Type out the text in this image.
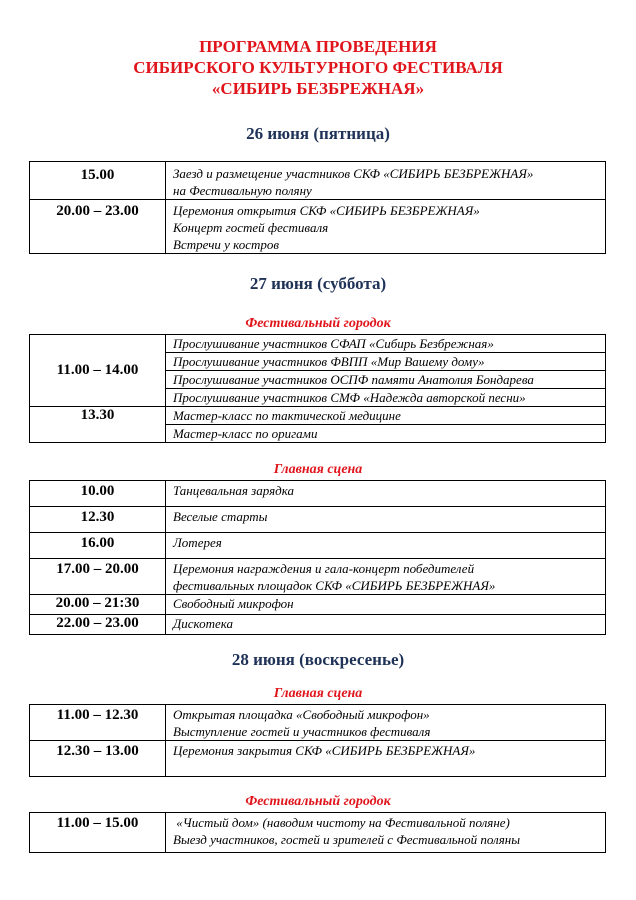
ПРОГРАММА ПРОВЕДЕНИЯ
СИБИРСКОГО КУЛЬТУРНОГО ФЕСТИВАЛЯ
«СИБИРЬ БЕЗБРЕЖНАЯ»
26 июня (пятница)
15.00	Заезд и размещение участников СКФ «СИБИРЬ БЕЗБРЕЖНАЯ»
на Фестивальную поляну

20.00 – 23.00	Церемония открытия СКФ «СИБИРЬ БЕЗБРЕЖНАЯ»
Концерт гостей фестиваля
Встречи у костров
27 июня (суббота)
Фестивальный городок
11.00 – 14.00	Прослушивание участников СФАП «Сибирь Безбрежная»
Прослушивание участников ФВПП «Мир Вашему дому»
Прослушивание участников ОСПФ памяти Анатолия Бондарева
Прослушивание участников СМФ «Надежда авторской песни»

13.30	Мастер-класс по тактической медицине
Мастер-класс по оригами
Главная сцена
10.00	Танцевальная зарядка

12.30	Веселые старты

16.00	Лотерея

17.00 – 20.00	Церемония награждения и гала-концерт победителей
фестивальных площадок СКФ «СИБИРЬ БЕЗБРЕЖНАЯ»

20.00 – 21:30	Свободный микрофон

22.00 – 23.00	Дискотека
28 июня (воскресенье)
Главная сцена
11.00 – 12.30	Открытая площадка «Свободный микрофон»
Выступление гостей и участников фестиваля

12.30 – 13.00	Церемония закрытия СКФ «СИБИРЬ БЕЗБРЕЖНАЯ»
Фестивальный городок
11.00 – 15.00	«Чистый дом» (наводим чистоту на Фестивальной поляне)
Выезд участников, гостей и зрителей с Фестивальной поляны
